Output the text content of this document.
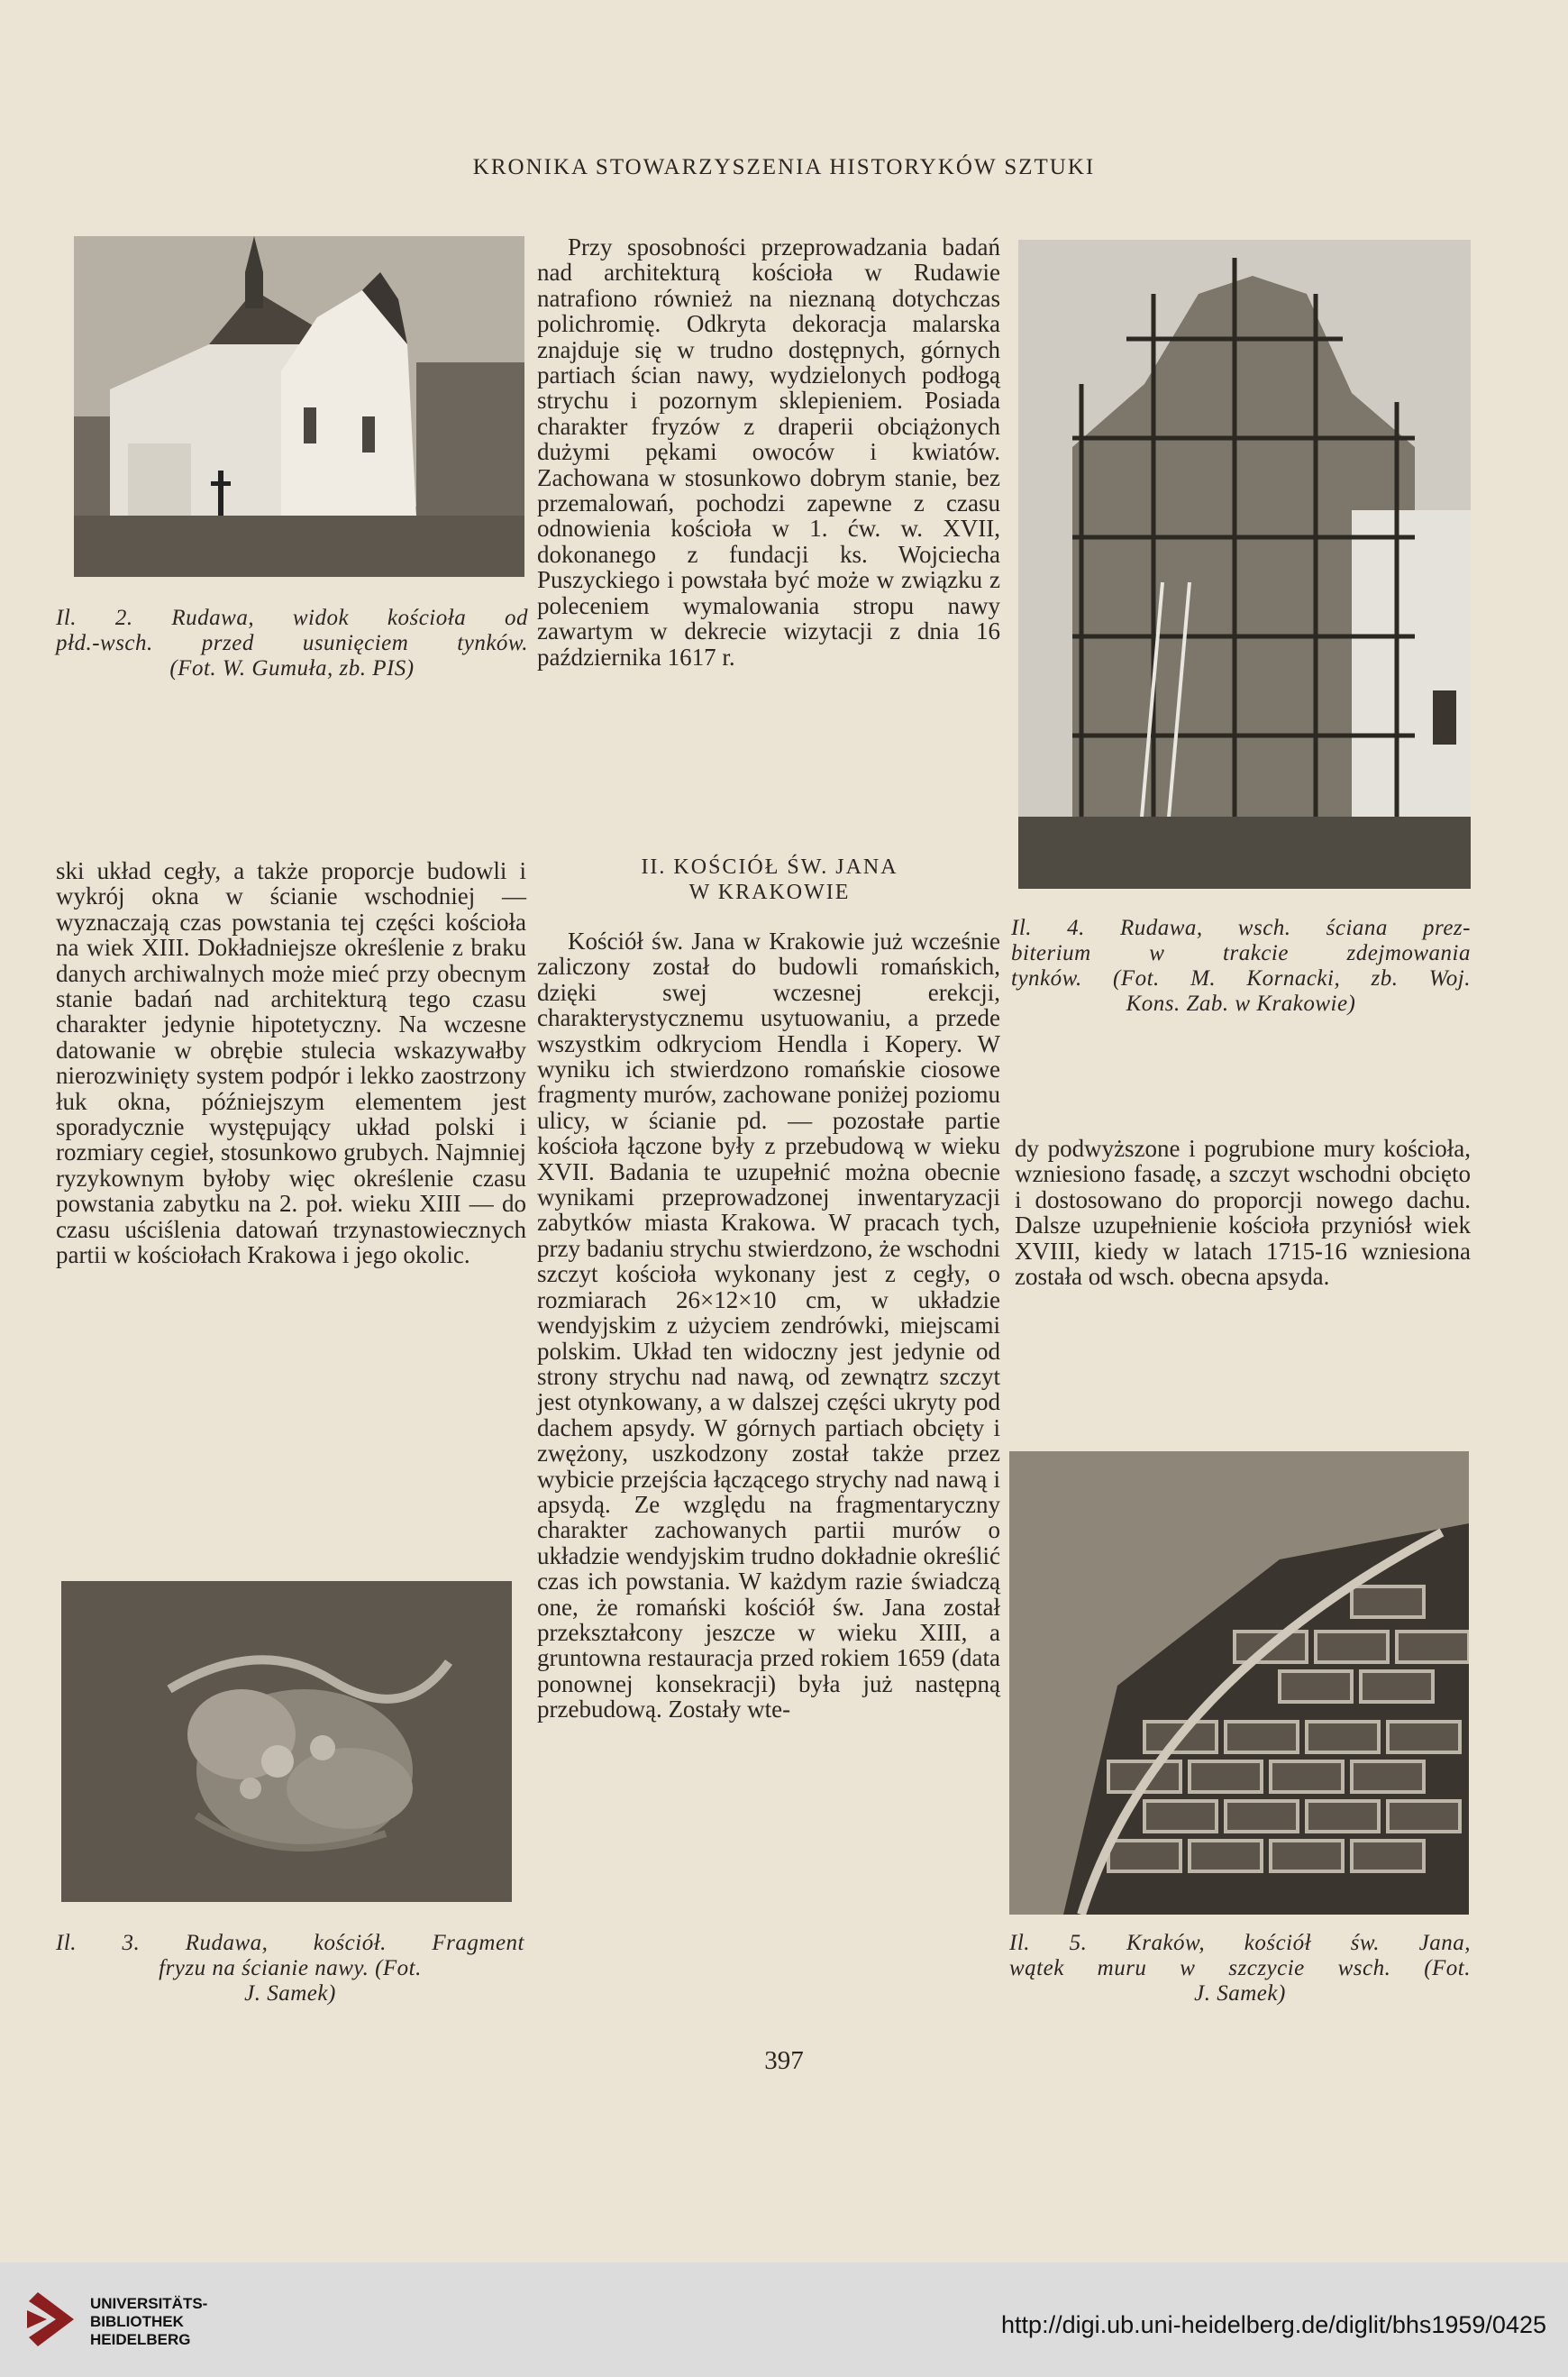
KRONIKA STOWARZYSZENIA HISTORYKÓW SZTUKI
Il. 2. Rudawa, widok kościoła od
płd.-wsch. przed usunięciem tynków.
(Fot. W. Gumuła, zb. PIS)

ski układ cegły, a także proporcje budowli i wykrój okna w ścianie wschodniej — wyznaczają czas powstania tej części kościoła na wiek XIII. Dokładniejsze określenie z braku danych archiwalnych może mieć przy obecnym stanie badań nad architekturą tego czasu charakter jedynie hipotetyczny. Na wczesne datowanie w obrębie stulecia wskazywałby nierozwinięty system podpór i lekko zaostrzony łuk okna, późniejszym elementem jest sporadycznie występujący układ polski i rozmiary cegieł, stosunkowo grubych. Najmniej ryzykownym byłoby więc określenie czasu powstania zabytku na 2. poł. wieku XIII — do czasu uściślenia datowań trzynastowiecznych partii w kościołach Krakowa i jego okolic.

Il. 3. Rudawa, kościół. Fragment
fryzu na ścianie nawy. (Fot.
J. Samek)

Przy sposobności przeprowadzania badań nad architekturą kościoła w Rudawie natrafiono również na nieznaną dotychczas polichromię. Odkryta dekoracja malarska znajduje się w trudno dostępnych, górnych partiach ścian nawy, wydzielonych podłogą strychu i pozornym sklepieniem. Posiada charakter fryzów z draperii obciążonych dużymi pękami owoców i kwiatów. Zachowana w stosunkowo dobrym stanie, bez przemalowań, pochodzi zapewne z czasu odnowienia kościoła w 1. ćw. w. XVII, dokonanego z fundacji ks. Wojciecha Puszyckiego i powstała być może w związku z poleceniem wymalowania stropu nawy zawartym w dekrecie wizytacji z dnia 16 października 1617 r.

II. KOŚCIÓŁ ŚW. JANA
W KRAKOWIE

Kościół św. Jana w Krakowie już wcześnie zaliczony został do budowli romańskich, dzięki swej wczesnej erekcji, charakterystycznemu usytuowaniu, a przede wszystkim odkryciom Hendla i Kopery. W wyniku ich stwierdzono romańskie ciosowe fragmenty murów, zachowane poniżej poziomu ulicy, w ścianie pd. — pozostałe partie kościoła łączone były z przebudową w wieku XVII. Badania te uzupełnić można obecnie wynikami przeprowadzonej inwentaryzacji zabytków miasta Krakowa. W pracach tych, przy badaniu strychu stwierdzono, że wschodni szczyt kościoła wykonany jest z cegły, o rozmiarach 26×12×10 cm, w układzie wendyjskim z użyciem zendrówki, miejscami polskim. Układ ten widoczny jest jedynie od strony strychu nad nawą, od zewnątrz szczyt jest otynkowany, a w dalszej części ukryty pod dachem apsydy. W górnych partiach obcięty i zwężony, uszkodzony został także przez wybicie przejścia łączącego strychy nad nawą i apsydą. Ze względu na fragmentaryczny charakter zachowanych partii murów o układzie wendyjskim trudno dokładnie określić czas ich powstania. W każdym razie świadczą one, że romański kościół św. Jana został przekształcony jeszcze w wieku XIII, a gruntowna restauracja przed rokiem 1659 (data ponownej konsekracji) była już następną przebudową. Zostały wte-

Il. 4. Rudawa, wsch. ściana prez-
biterium w trakcie zdejmowania
tynków. (Fot. M. Kornacki, zb. Woj.
Kons. Zab. w Krakowie)

dy podwyższone i pogrubione mury kościoła, wzniesiono fasadę, a szczyt wschodni obcięto i dostosowano do proporcji nowego dachu. Dalsze uzupełnienie kościoła przyniósł wiek XVIII, kiedy w latach 1715-16 wzniesiona została od wsch. obecna apsyda.

Il. 5. Kraków, kościół św. Jana,
wątek muru w szczycie wsch. (Fot.
J. Samek)
397
UNIVERSITÄTS-
BIBLIOTHEK
HEIDELBERG
http://digi.ub.uni-heidelberg.de/diglit/bhs1959/0425
